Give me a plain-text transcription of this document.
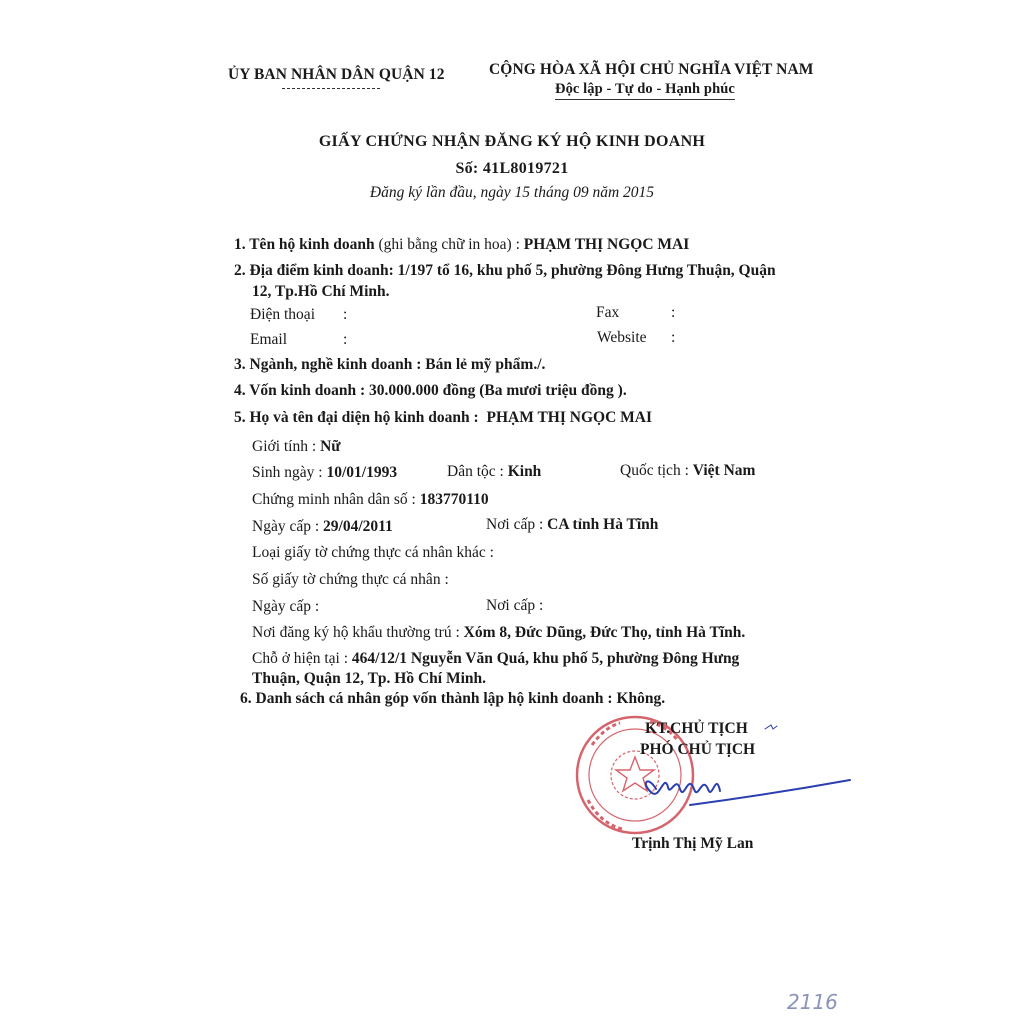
ỦY BAN NHÂN DÂN QUẬN 12	CỘNG HÒA XÃ HỘI CHỦ NGHĨA VIỆT NAM
Độc lập - Tự do - Hạnh phúc
GIẤY CHỨNG NHẬN ĐĂNG KÝ HỘ KINH DOANH
Số: 41L8019721
Đăng ký lần đầu, ngày 15 tháng 09 năm 2015
1. Tên hộ kinh doanh (ghi bằng chữ in hoa) : PHẠM THỊ NGỌC MAI
2. Địa điểm kinh doanh: 1/197 tổ 16, khu phố 5, phường Đông Hưng Thuận, Quận
12, Tp.Hồ Chí Minh.
Điện thoại :	Fax	:
Email	:	Website :
3. Ngành, nghề kinh doanh : Bán lẻ mỹ phẩm./.
4. Vốn kinh doanh : 30.000.000 đồng (Ba mươi triệu đồng ).
5. Họ và tên đại diện hộ kinh doanh : PHẠM THỊ NGỌC MAI
Giới tính : Nữ
Sinh ngày : 10/01/1993	Dân tộc : Kinh	Quốc tịch : Việt Nam
Chứng minh nhân dân số : 183770110
Ngày cấp : 29/04/2011	Nơi cấp : CA tỉnh Hà Tĩnh
Loại giấy tờ chứng thực cá nhân khác :
Số giấy tờ chứng thực cá nhân :
Ngày cấp :	Nơi cấp :
Nơi đăng ký hộ khẩu thường trú : Xóm 8, Đức Dũng, Đức Thọ, tỉnh Hà Tĩnh.
Chỗ ở hiện tại : 464/12/1 Nguyễn Văn Quá, khu phố 5, phường Đông Hưng
Thuận, Quận 12, Tp. Hồ Chí Minh.
6. Danh sách cá nhân góp vốn thành lập hộ kinh doanh : Không.
KT.CHỦ TỊCH
PHÓ CHỦ TỊCH
Trịnh Thị Mỹ Lan
2116
